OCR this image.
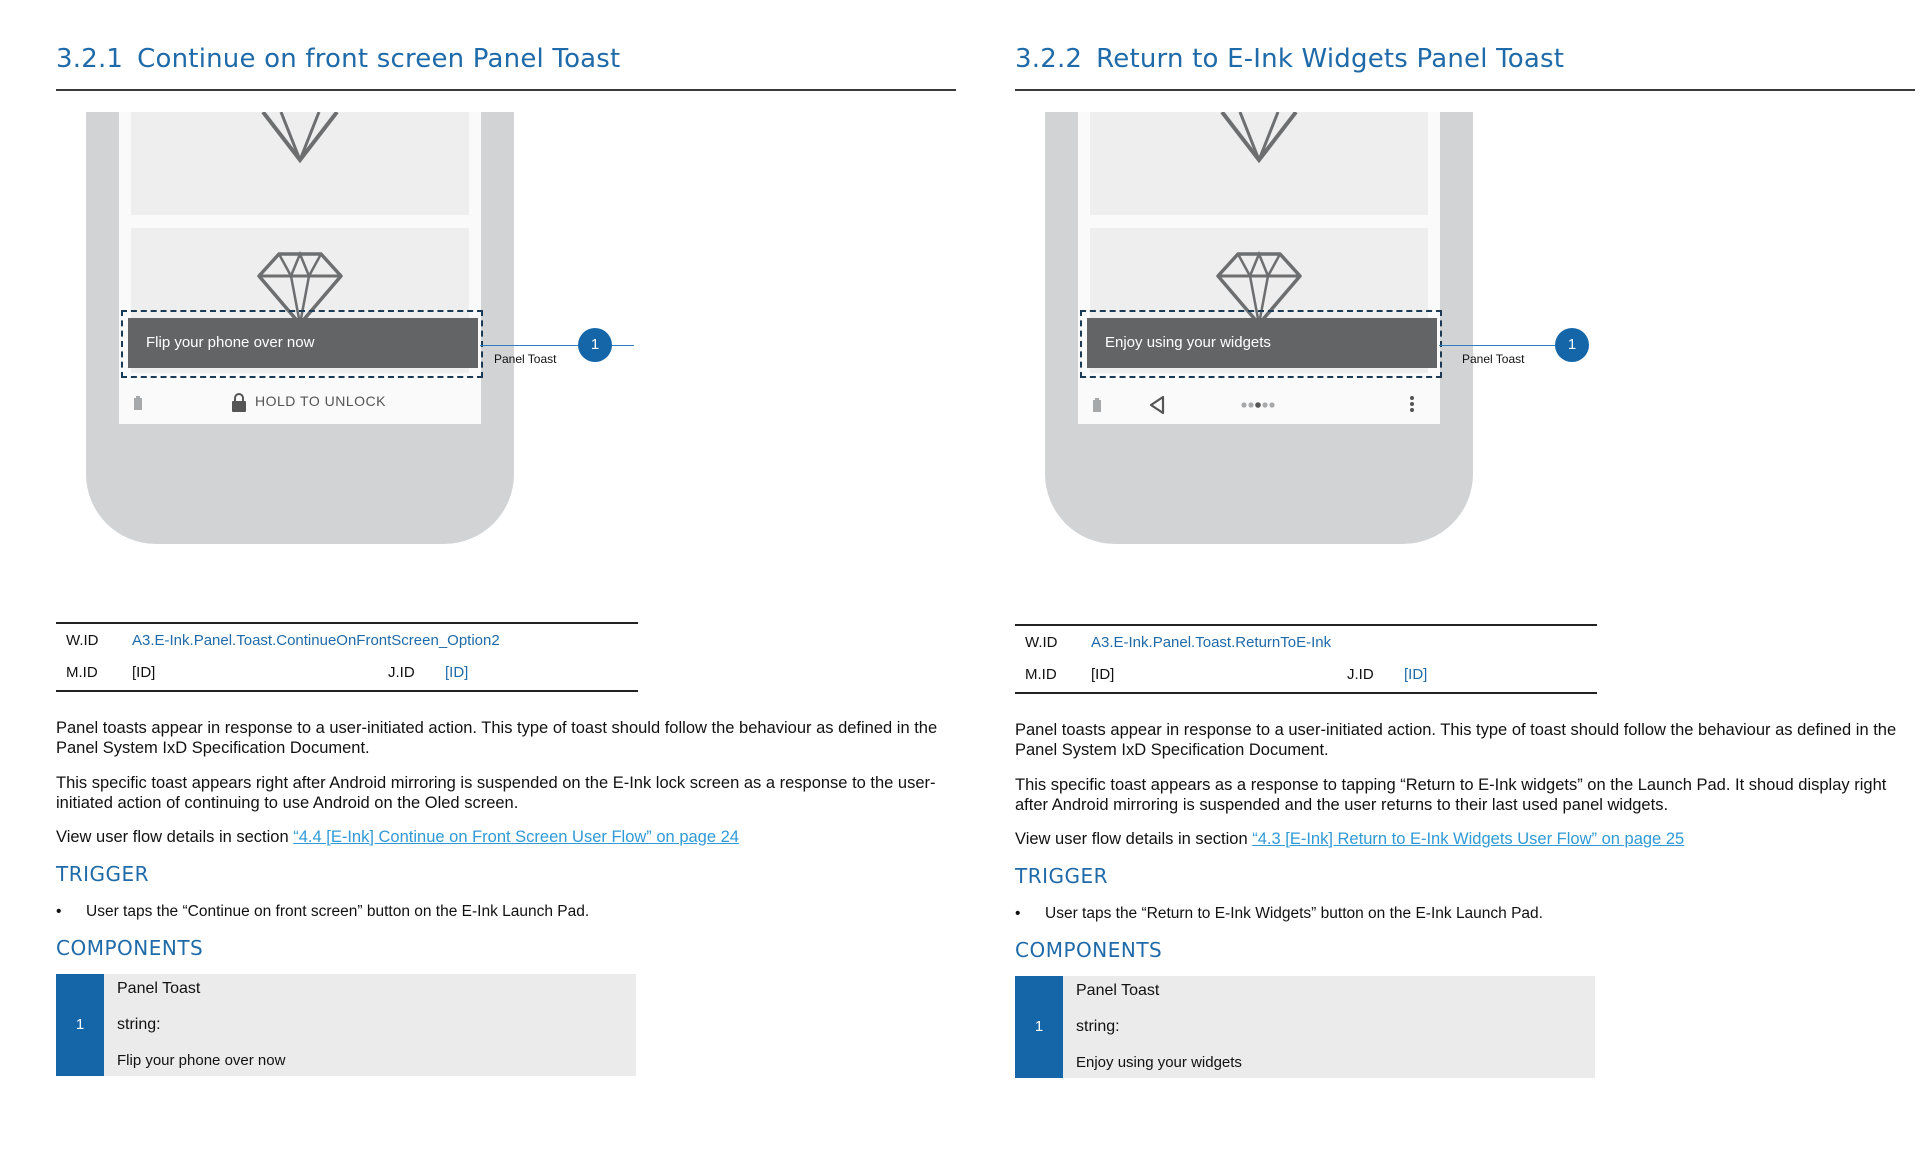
3.2.1 Continue on front screen Panel Toast
Flip your phone over now
HOLD TO UNLOCK
1
Panel Toast
W.ID A3.E-Ink.Panel.Toast.ContinueOnFrontScreen_Option2
M.ID [ID]	J.ID [ID]
Panel toasts appear in response to a user-initiated action. This type of toast should follow the behaviour as defined in the Panel System IxD Specification Document.
This specific toast appears right after Android mirroring is suspended on the E-Ink lock screen as a response to the user-initiated action of continuing to use Android on the Oled screen.
View user flow details in section “4.4 [E-Ink] Continue on Front Screen User Flow” on page 24
TRIGGER
• User taps the “Continue on front screen” button on the E-Ink Launch Pad.
COMPONENTS
1
Panel Toast
string:
Flip your phone over now
3.2.2 Return to E-Ink Widgets Panel Toast
Enjoy using your widgets	1
Panel Toast
W.ID A3.E-Ink.Panel.Toast.ReturnToE-Ink
M.ID [ID]	J.ID [ID]
Panel toasts appear in response to a user-initiated action. This type of toast should follow the behaviour as defined in the Panel System IxD Specification Document.
This specific toast appears as a response to tapping “Return to E-Ink widgets” on the Launch Pad. It shoud display right after Android mirroring is suspended and the user returns to their last used panel widgets.
View user flow details in section “4.3 [E-Ink] Return to E-Ink Widgets User Flow” on page 25
TRIGGER
• User taps the “Return to E-Ink Widgets” button on the E-Ink Launch Pad.
COMPONENTS
1
Panel Toast
string:
Enjoy using your widgets
